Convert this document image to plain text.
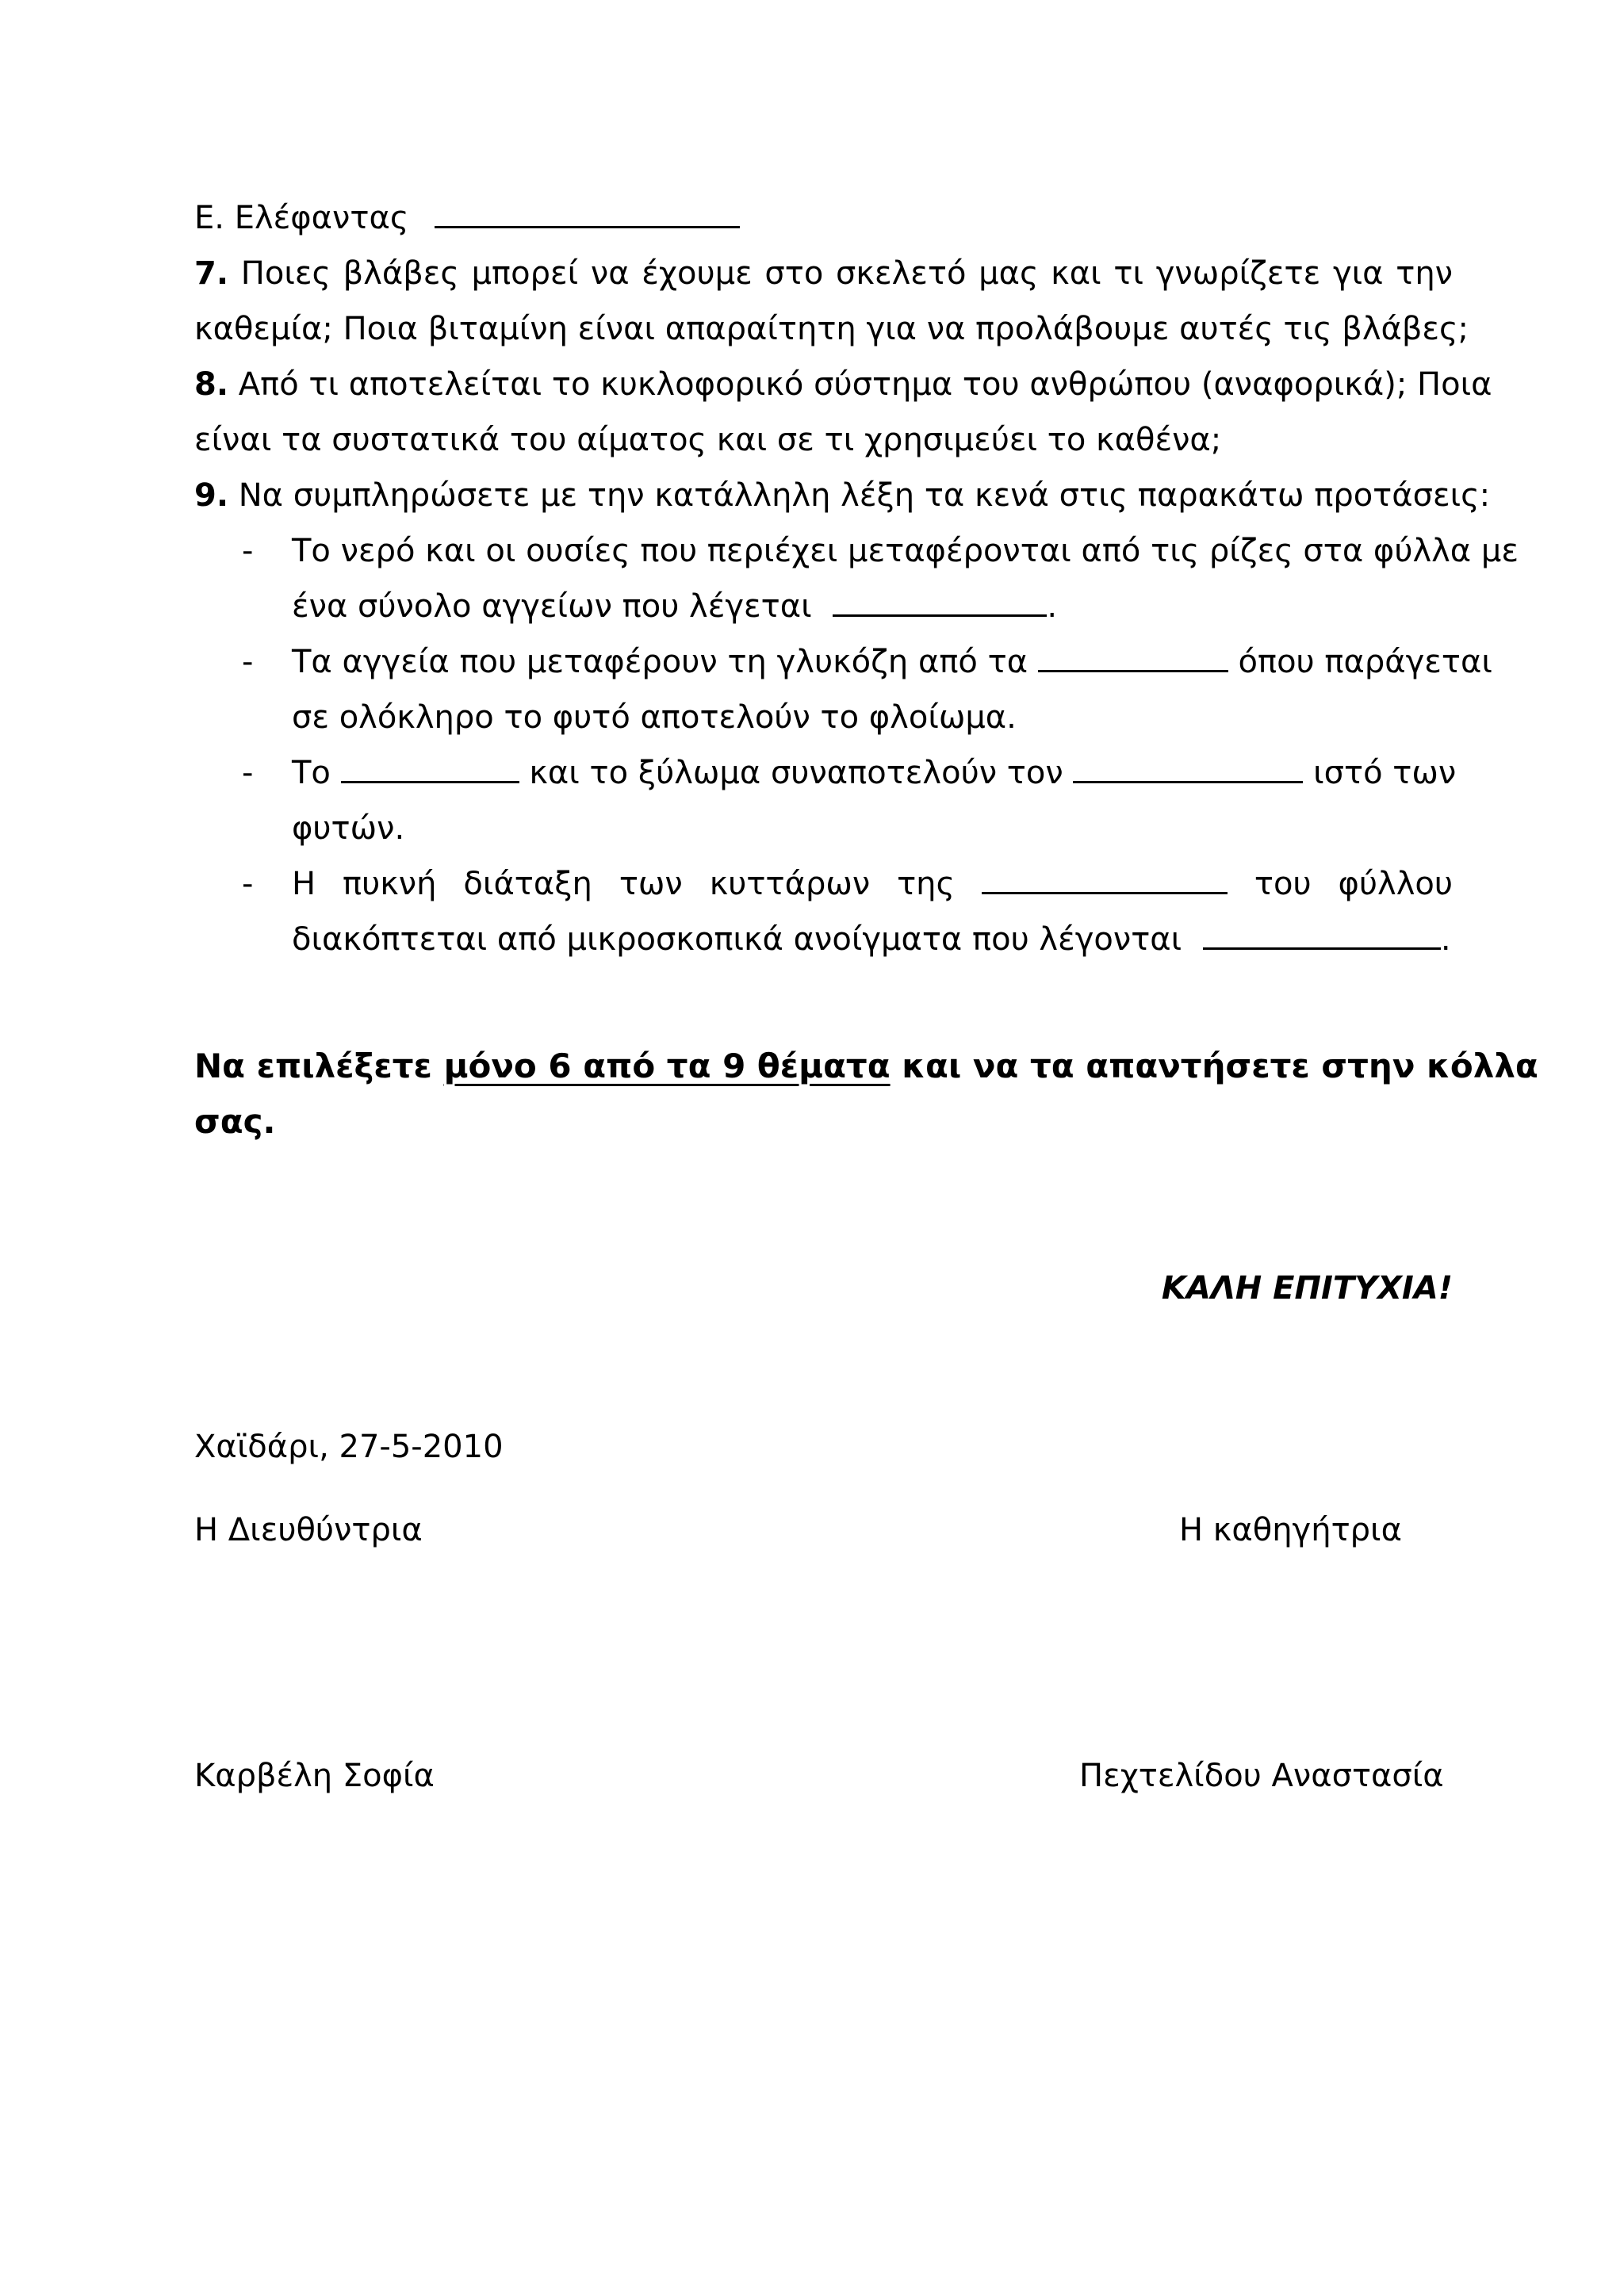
Ε. Ελέφαντας
7. Ποιες βλάβες μπορεί να έχουμε στο σκελετό μας και τι γνωρίζετε για την
καθεμία; Ποια βιταμίνη είναι απαραίτητη για να προλάβουμε αυτές τις βλάβες;
8. Από τι αποτελείται το κυκλοφορικό σύστημα του ανθρώπου (αναφορικά); Ποια
είναι τα συστατικά του αίματος και σε τι χρησιμεύει το καθένα;
9. Να συμπληρώσετε με την κατάλληλη λέξη τα κενά στις παρακάτω προτάσεις:
- Το νερό και οι ουσίες που περιέχει μεταφέρονται από τις ρίζες στα φύλλα με
ένα σύνολο αγγείων που λέγεται	.
- Τα αγγεία που μεταφέρουν τη γλυκόζη από τα	όπου παράγεται
σε ολόκληρο το φυτό αποτελούν το φλοίωμα.
- Το	και το ξύλωμα συναποτελούν τον	ιστό των
φυτών.
- Η πυκνή διάταξη των κυττάρων της	του φύλλου
διακόπτεται από μικροσκοπικά ανοίγματα που λέγονται	.
Να επιλέξετε μόνο 6 από τα 9 θέματα και να τα απαντήσετε στην κόλλα
σας.
ΚΑΛΗ ΕΠΙΤΥΧΙΑ!
Χαϊδάρι, 27-5-2010
Η Διευθύντρια	Η καθηγήτρια
Καρβέλη Σοφία	Πεχτελίδου Αναστασία
